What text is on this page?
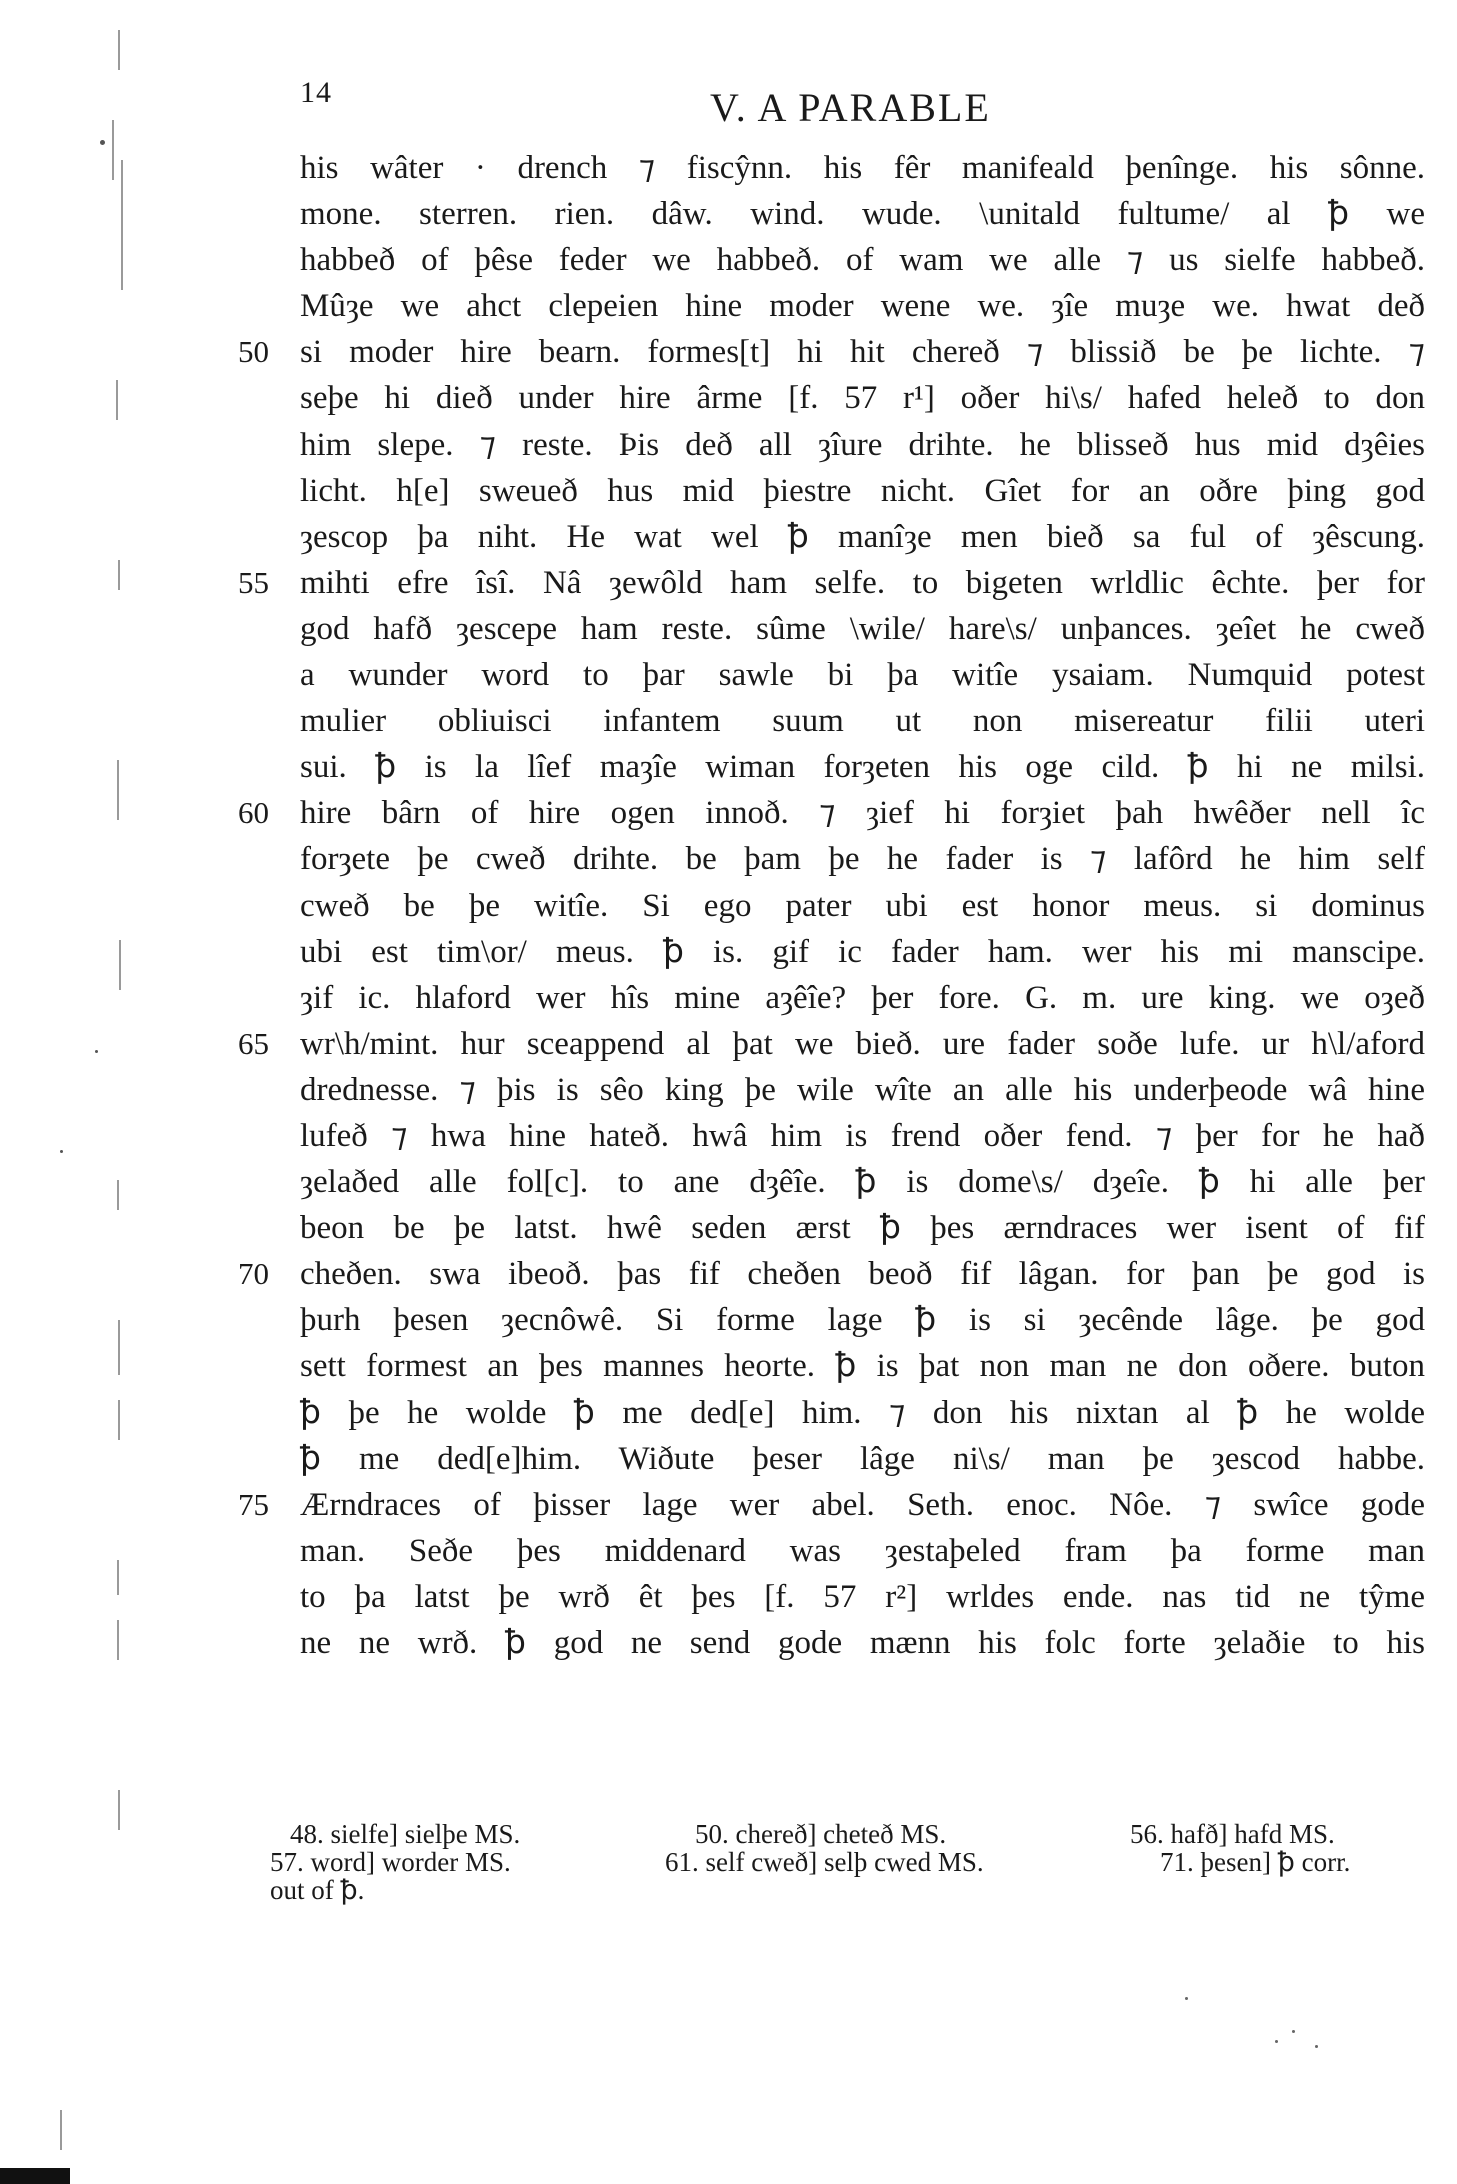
14	V. A PARABLE
his wâter · drench ⁊ fiscŷnn. his fêr manifeald þenînge. his sônne.
mone. sterren. rien. dâw. wind. wude. \unitald fultume/ al ꝥ we
habbeð of þêse feder we habbeð. of wam we alle ⁊ us sielfe habbeð.
Mûȝe we ahct clepeien hine moder wene we. ȝîe muȝe we. hwat deð
50 si moder hire bearn. formes[t] hi hit chereð ⁊ blissið be þe lichte. ⁊
seþe hi dieð under hire ârme [f. 57 r¹] oðer hi\s/ hafed heleð to don
him slepe. ⁊ reste. Þis deð all ȝîure drihte. he blisseð hus mid dȝêies
licht. h[e] sweueð hus mid þiestre nicht. Gîet for an oðre þing god
ȝescop þa niht. He wat wel ꝥ manîȝe men bieð sa ful of ȝêscung.
55 mihti efre îsî. Nâ ȝewôld ham selfe. to bigeten wrldlic êchte. þer for
god hafð ȝescepe ham reste. sûme \wile/ hare\s/ unþances. ȝeîet he cweð
a wunder word to þar sawle bi þa witîe ysaiam. Numquid potest
mulier obliuisci infantem suum ut non misereatur filii uteri
sui. ꝥ is la lîef maȝîe wiman forȝeten his oge cild. ꝥ hi ne milsi.
60 hire bârn of hire ogen innoð. ⁊ ȝief hi forȝiet þah hwêðer nell îc
forȝete þe cweð drihte. be þam þe he fader is ⁊ lafôrd he him self
cweð be þe witîe. Si ego pater ubi est honor meus. si dominus
ubi est tim\or/ meus. ꝥ is. gif ic fader ham. wer his mi manscipe.
ȝif ic. hlaford wer hîs mine aȝêîe? þer fore. G. m. ure king. we oȝeð
65 wr\h/mint. hur sceappend al þat we bieð. ure fader soðe lufe. ur h\l/aford
drednesse. ⁊ þis is sêo king þe wile wîte an alle his underþeode wâ hine
lufeð ⁊ hwa hine hateð. hwâ him is frend oðer fend. ⁊ þer for he hað
ȝelaðed alle fol[c]. to ane dȝêîe. ꝥ is dome\s/ dȝeîe. ꝥ hi alle þer
beon be þe latst. hwê seden ærst ꝥ þes ærndraces wer isent of fif
70 cheðen. swa ibeoð. þas fif cheðen beoð fif lâgan. for þan þe god is
þurh þesen ȝecnôwê. Si forme lage ꝥ is si ȝecênde lâge. þe god
sett formest an þes mannes heorte. ꝥ is þat non man ne don oðere. buton
ꝥ þe he wolde ꝥ me ded[e] him. ⁊ don his nixtan al ꝥ he wolde
ꝥ me ded[e]him. Wiðute þeser lâge ni\s/ man þe ȝescod habbe.
75 Ærndraces of þisser lage wer abel. Seth. enoc. Nôe. ⁊ swîce gode
man. Seðe þes middenard was ȝestaþeled fram þa forme man
to þa latst þe wrð êt þes [f. 57 r²] wrldes ende. nas tid ne tŷme
ne ne wrð. ꝥ god ne send gode mænn his folc forte ȝelaðie to his
48. sielfe] sielþe MS.
57. word] worder MS.
out of ꝥ.
50. chereð] cheteð MS.
61. self cweð] selþ cwed MS.
56. hafð] hafd MS.
71. þesen] ꝥ corr.
